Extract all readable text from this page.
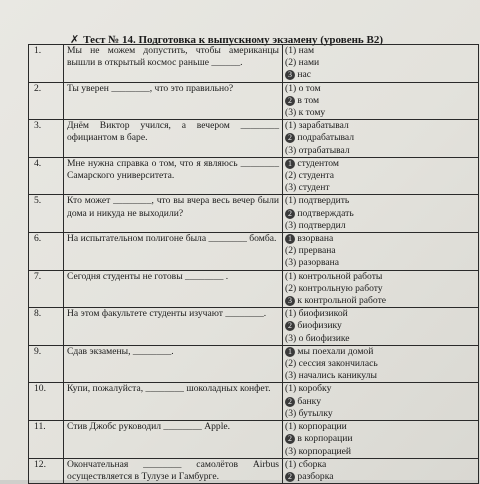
✗ Тест № 14. Подготовка к выпускному экзамену (уровень В2)
1.	Мы не можем допустить, чтобы американцы вышли в открытый космос раньше ______.	(1) нам
(2) нами
3 нас

2.	Ты уверен ________, что это правильно?	(1) о том
2 в том
(3) к тому

3.	Днём Виктор учился, а вечером ________ официантом в баре.	(1) зарабатывал
2 подрабатывал
(3) отрабатывал

4.	Мне нужна справка о том, что я являюсь ________ Самарского университета.	1 студентом
(2) студента
(3) студент

5.	Кто может ________, что вы вчера весь вечер были дома и никуда не выходили?	(1) подтвердить
2 подтверждать
(3) подтвердил

6.	На испытательном полигоне была ________ бомба.	1 взорвана
(2) прервана
(3) разорвана

7.	Сегодня студенты не готовы ________ .	(1) контрольной работы
(2) контрольную работу
3 к контрольной работе

8.	На этом факультете студенты изучают ________.	(1) биофизикой
2 биофизику
(3) о биофизике

9.	Сдав экзамены, ________.	1 мы поехали домой
(2) сессия закончилась
(3) начались каникулы

10.	Купи, пожалуйста, ________ шоколадных конфет.	(1) коробку
2 банку
(3) бутылку

11.	Стив Джобс руководил ________ Apple.	(1) корпорации
2 в корпорации
(3) корпорацией

12.	Окончательная ________ самолётов Airbus осуществляется в Тулузе и Гамбурге.	(1) сборка
2 разборка
